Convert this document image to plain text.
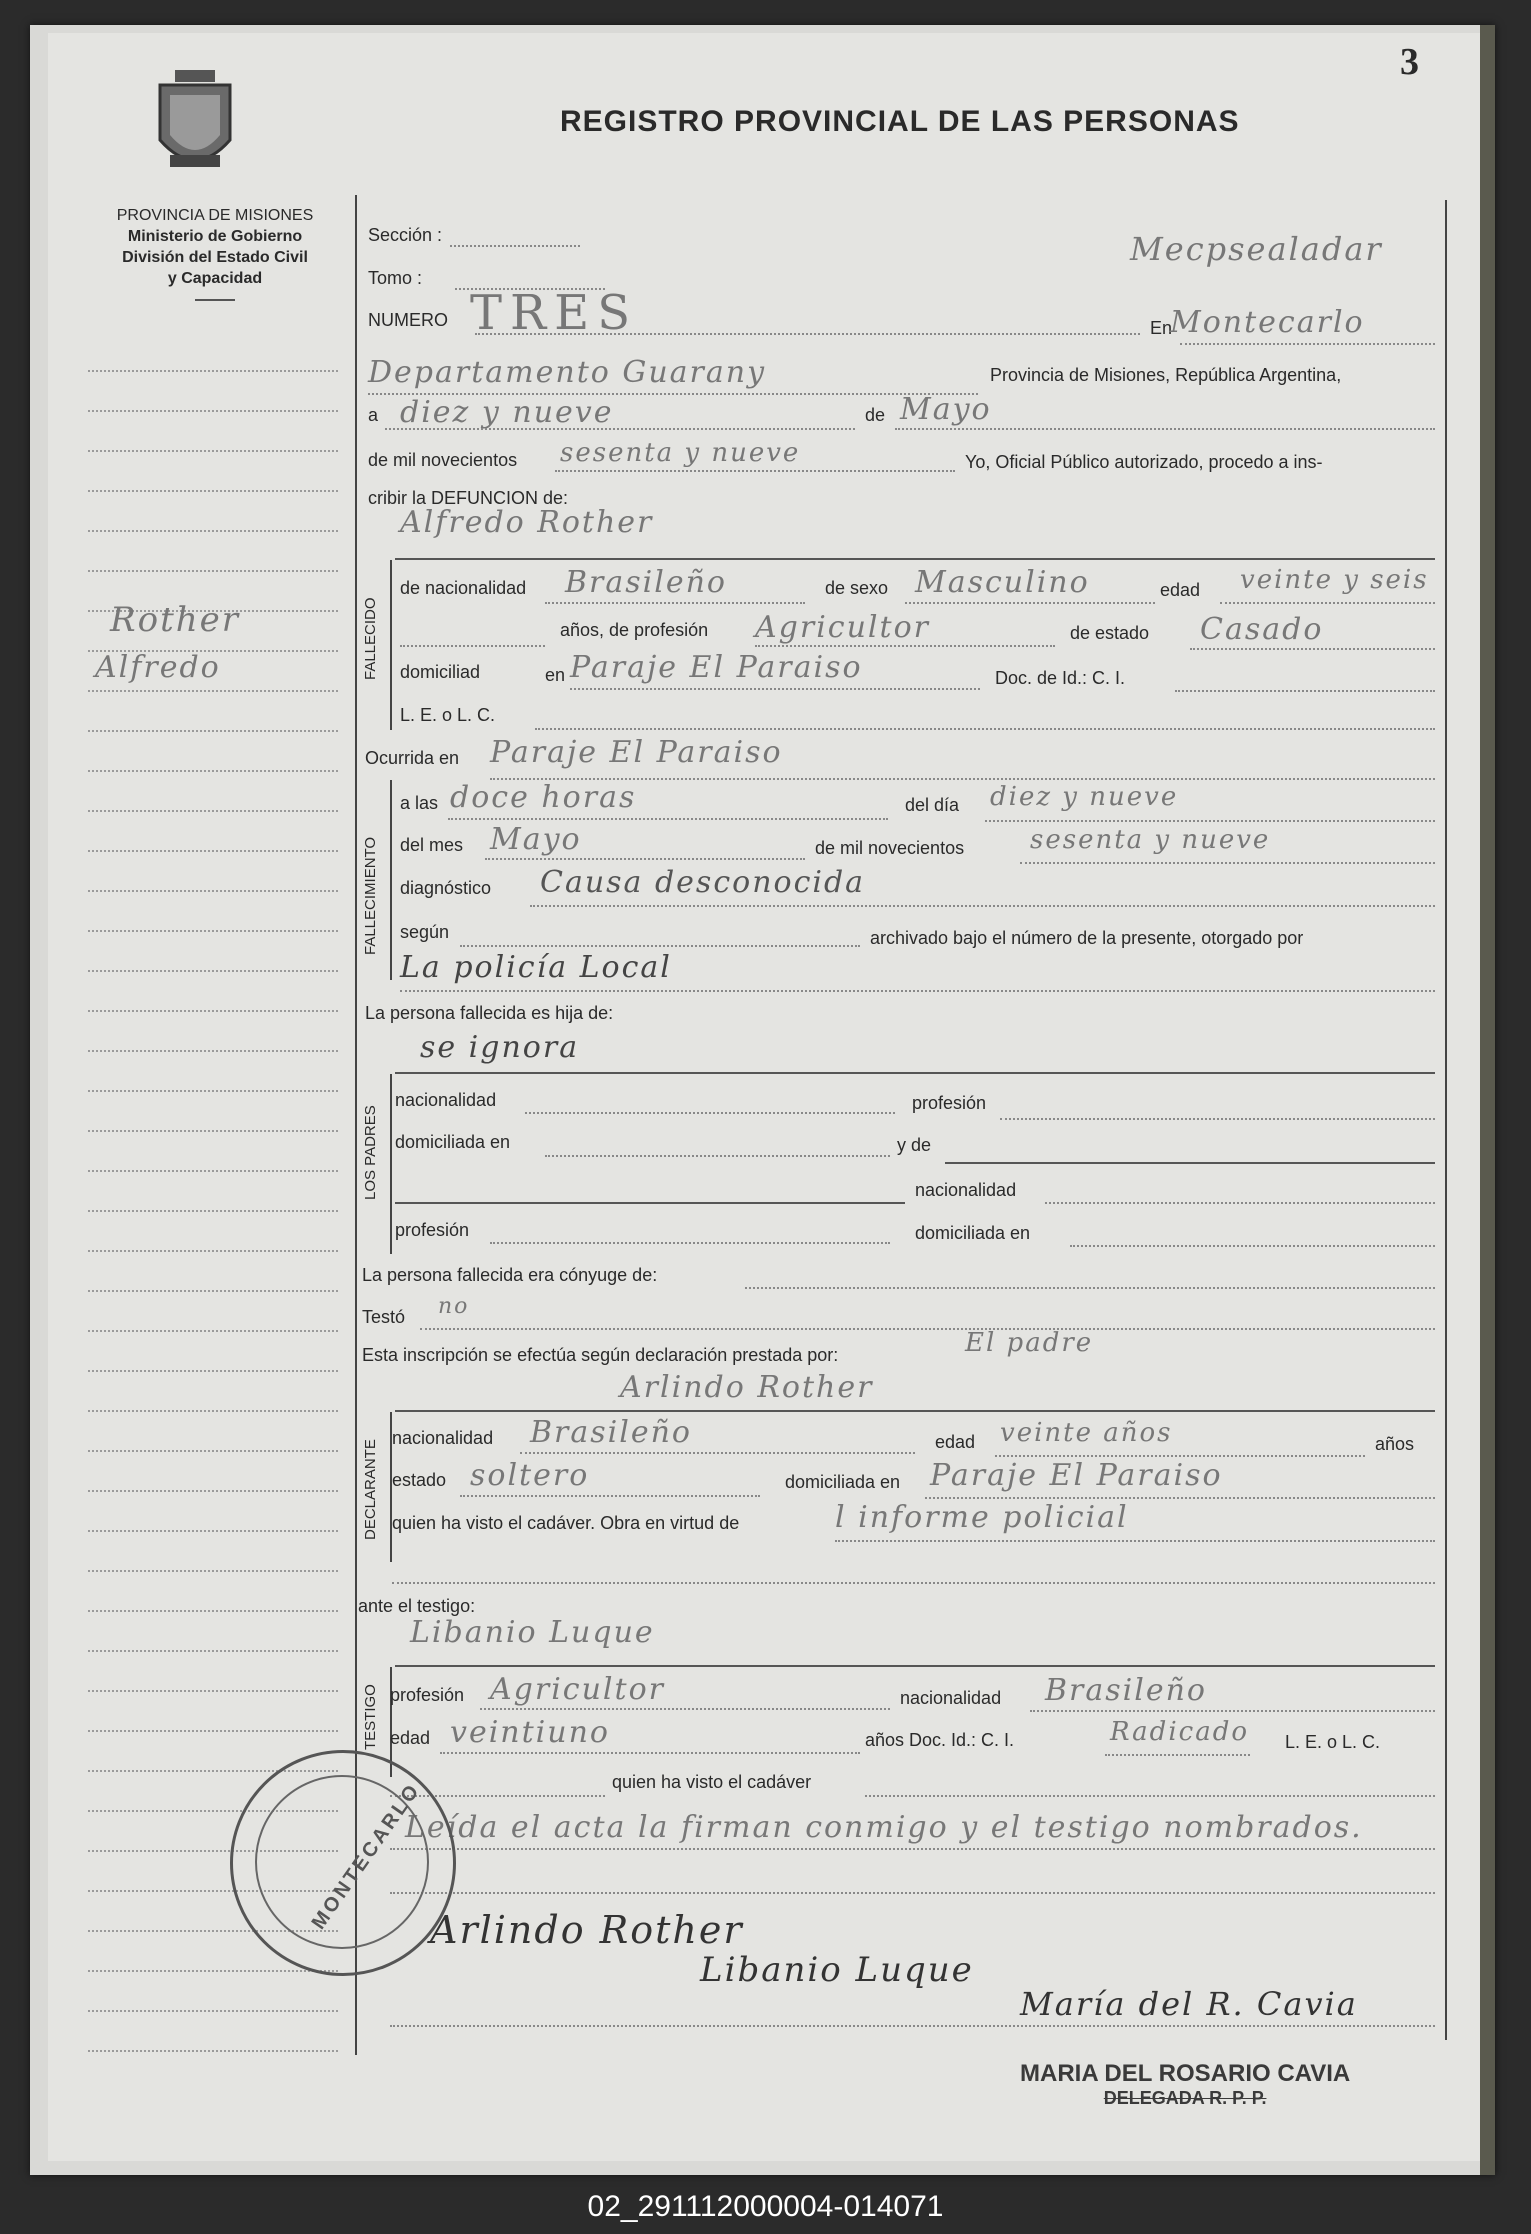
3
REGISTRO PROVINCIAL DE LAS PERSONAS
PROVINCIA DE MISIONES
Ministerio de Gobierno
División del Estado Civil
y Capacidad
Rother
Alfredo
Sección :	Mecpsealadar
Tomo :
NUMERO TRES	En
Montecarlo
Departamento Guarany	Provincia de Misiones, República Argentina,
a diez y nueve	de Mayo
de mil novecientos sesenta y nueve	Yo, Oficial Público autorizado, procedo a ins-
cribir la DEFUNCION de:
Alfredo Rother
FALLECIDO
de nacionalidad Brasileño	de sexo Masculino	edad veinte y seis
años, de profesión Agricultor	de estado Casado
domiciliad	en Paraje El Paraiso	Doc. de Id.: C. I.
L. E. o L. C.
Ocurrida en Paraje El Paraiso
FALLECIMIENTO
a las doce horas	del día diez y nueve
del mes Mayo	de mil novecientos	sesenta y nueve
diagnóstico Causa desconocida
según	archivado bajo el número de la presente, otorgado por
La policía Local
La persona fallecida es hija de:
se ignora
LOS PADRES
nacionalidad	profesión
domiciliada en	y de
nacionalidad
profesión	domiciliada en
La persona fallecida era cónyuge de:
Testó no
Esta inscripción se efectúa según declaración prestada por:	El padre
Arlindo Rother
DECLARANTE
nacionalidad Brasileño	edad veinte años	años
estado soltero	domiciliada en Paraje El Paraiso
quien ha visto el cadáver. Obra en virtud de	l informe policial
ante el testigo:
Libanio Luque
TESTIGO profesión Agricultor	nacionalidad Brasileño
edad veintiuno	años Doc. Id.: C. I.	Radicado L. E. o L. C.
quien ha visto el cadáver
Leída el acta la firman conmigo y el testigo nombrados.
Arlindo Rother
Libanio Luque
María del R. Cavia
MONTECARLO
MARIA DEL ROSARIO CAVIA
DELEGADA R. P. P.
02_291112000004-014071
